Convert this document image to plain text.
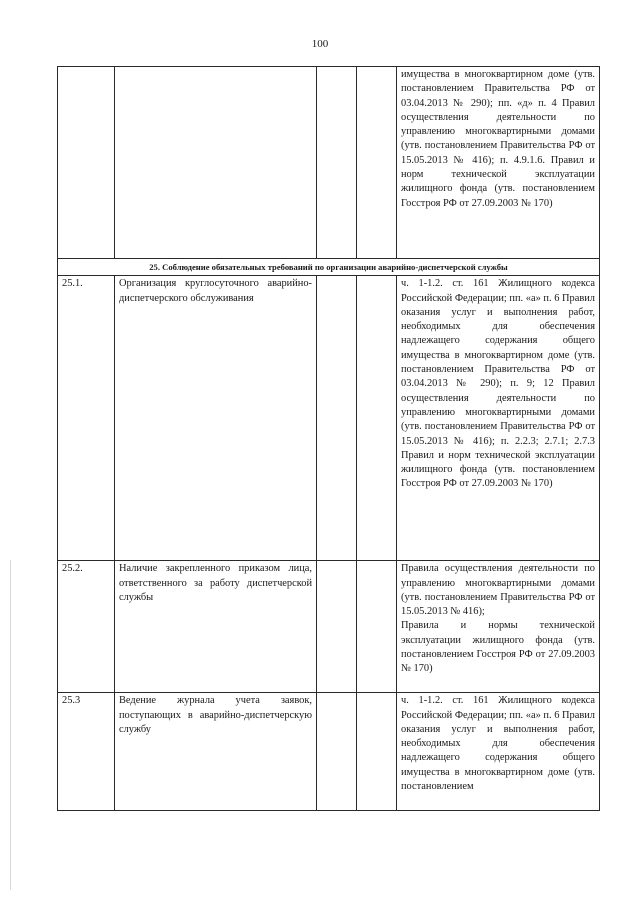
100
				имущества в многоквартирном доме (утв. постановлением Правительства РФ от 03.04.2013 № 290); пп. «д» п. 4 Правил осуществления деятельности по управлению многоквартирными домами (утв. постановлением Правительства РФ от 15.05.2013 № 416); п. 4.9.1.6. Правил и норм технической эксплуатации жилищного фонда (утв. постановлением Госстроя РФ от 27.09.2003 № 170)
25. Соблюдение обязательных требований по организации аварийно-диспетчерской службы				
25.1.	Организация круглосуточного аварийно-диспетчерского обслуживания			ч. 1-1.2. ст. 161 Жилищного кодекса Российской Федерации; пп. «а» п. 6 Правил оказания услуг и выполнения работ, необходимых для обеспечения надлежащего содержания общего имущества в многоквартирном доме (утв. постановлением Правительства РФ от 03.04.2013 № 290); п. 9; 12 Правил осуществления деятельности по управлению многоквартирными домами (утв. постановлением Правительства РФ от 15.05.2013 № 416); п. 2.2.3; 2.7.1; 2.7.3 Правил и норм технической эксплуатации жилищного фонда (утв. постановлением Госстроя РФ от 27.09.2003 № 170)

25.2.	Наличие закрепленного приказом лица, ответственного за работу диспетчерской службы			Правила осуществления деятельности по управлению многоквартирными домами (утв. постановлением Правительства РФ от 15.05.2013 № 416);

Правила и нормы технической эксплуатации жилищного фонда (утв. постановлением Госстроя РФ от 27.09.2003 № 170)

25.3	Ведение журнала учета заявок, поступающих в аварийно-диспетчерскую службу			ч. 1-1.2. ст. 161 Жилищного кодекса Российской Федерации; пп. «а» п. 6 Правил оказания услуг и выполнения работ, необходимых для обеспечения надлежащего содержания общего имущества в многоквартирном доме (утв. постановлением
